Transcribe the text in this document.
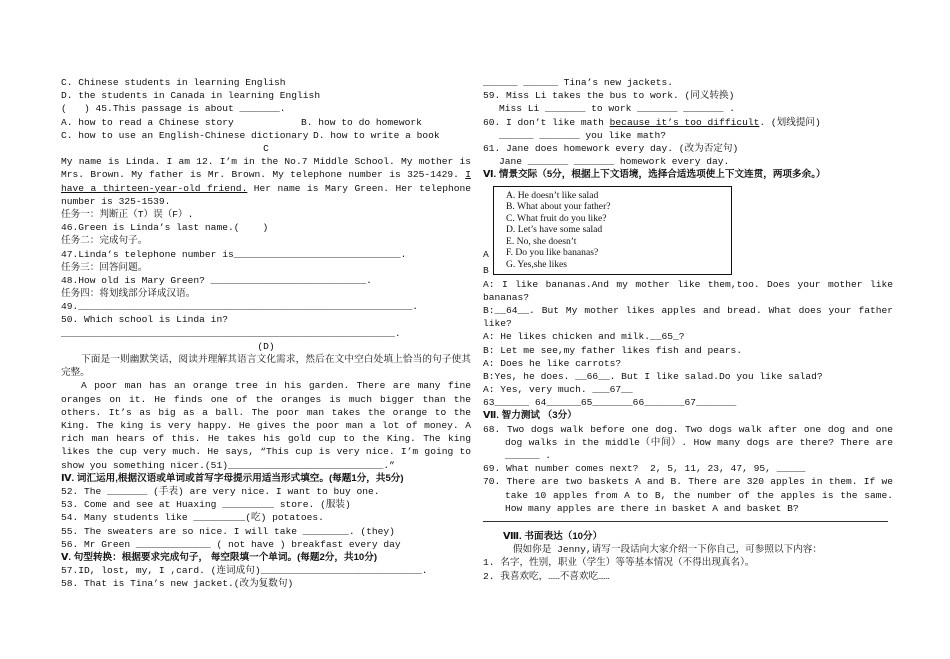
C. Chinese students in learning English
D. the students in Canada in learning English
(   ) 45.This passage is about _______.
A. how to read a Chinese story	B. how to do homework
C. how to use an English-Chinese dictionary D. how to write a book
C
My name is Linda. I am 12. I’m in the No.7 Middle School. My mother is Mrs. Brown. My father is Mr. Brown. My telephone number is 325-1429. I have a thirteen-year-old friend. Her name is Mary Green. Her telephone number is 325-1539.
任务一：判断正（T）误（F）.
46.Green is Linda’s last name.(    )
任务二：完成句子。
47.Linda’s telephone number is_____________________________.
任务三：回答问题。
48.How old is Mary Green? ___________________________.
任务四：将划线部分译成汉语。
49.__________________________________________________________.
50. Which school is Linda in?
__________________________________________________________.
(D)
下面是一则幽默笑话，阅读并理解其语言文化需求，然后在文中空白处填上恰当的句子使其完整。
A poor man has an orange tree in his garden. There are many fine oranges on it. He finds one of the oranges is much bigger than the others. It’s as big as a ball. The poor man takes the orange to the King. The king is very happy. He gives the poor man a lot of money. A rich man hears of this. He takes his gold cup to the King. The king likes the cup very much. He says, “This cup is very nice. I’m going to show you something nicer.(51)___________________________.”
Ⅳ. 词汇运用,根据汉语或单词或首写字母提示用适当形式填空。(每题1分，共5分)
52. The _______ (手表) are very nice. I want to buy one.
53. Come and see at Huaxing _________ store. (服装)
54. Many students like _________(吃) potatoes.
55. The sweaters are so nice. I will take ________. (they)
56. Mr Green _____________ ( not have ) breakfast every day
Ⅴ. 句型转换：根据要求完成句子， 每空限填一个单词。(每题2分，共10分)
57.ID, lost, my, I ,card. (连词成句)____________________________.
58. That is Tina’s new jacket.(改为复数句)
______ ______ Tina’s new jackets.
59. Miss Li takes the bus to work. (同义转换)
Miss Li _______ to work _______ _______ .
60. I don’t like math because it’s too difficult. (划线提问)
______ _______ you like math?
61. Jane does homework every day. (改为否定句)
Jane _______ _______ homework every day.
Ⅵ. 情景交际（5分，根据上下文语境，选择合适选项使上下文连贯，两项多余。）
A. He doesn’t like salad
B. What about your father?
C. What fruit do you like?
D. Let’s have some salad
E. No, she doesn’t
F. Do you like bananas?
G. Yes,she likes
A
B
A: I like bananas.And my mother like them,too. Does your mother like bananas?
B:__64__. But My mother likes apples and bread. What does your father like?
A: He likes chicken and milk.__65_?
B: Let me see,my father likes fish and pears.
A: Does he like carrots?
B:Yes, he does. __66__. But I like salad.Do you like salad?
A: Yes, very much. ___67__
63______ 64______65_______66_______67_______
Ⅶ. 智力测试 （3分）
68. Two dogs walk before one dog. Two dogs walk after one dog and one dog walks in the middle（中间）. How many dogs are there? There are ______ .
69. What number comes next?  2, 5, 11, 23, 47, 95, _____
70. There are two baskets A and B. There are 320 apples in them. If we take 10 apples from A to B, the number of the apples is the same. How many apples are there in basket A and basket B?
Ⅷ. 书面表达（10分）
假如你是 Jenny,请写一段话向大家介绍一下你自己，可参照以下内容：
1. 名字，性别，职业（学生）等等基本情况（不得出现真名）。
2. 我喜欢吃，……不喜欢吃……
